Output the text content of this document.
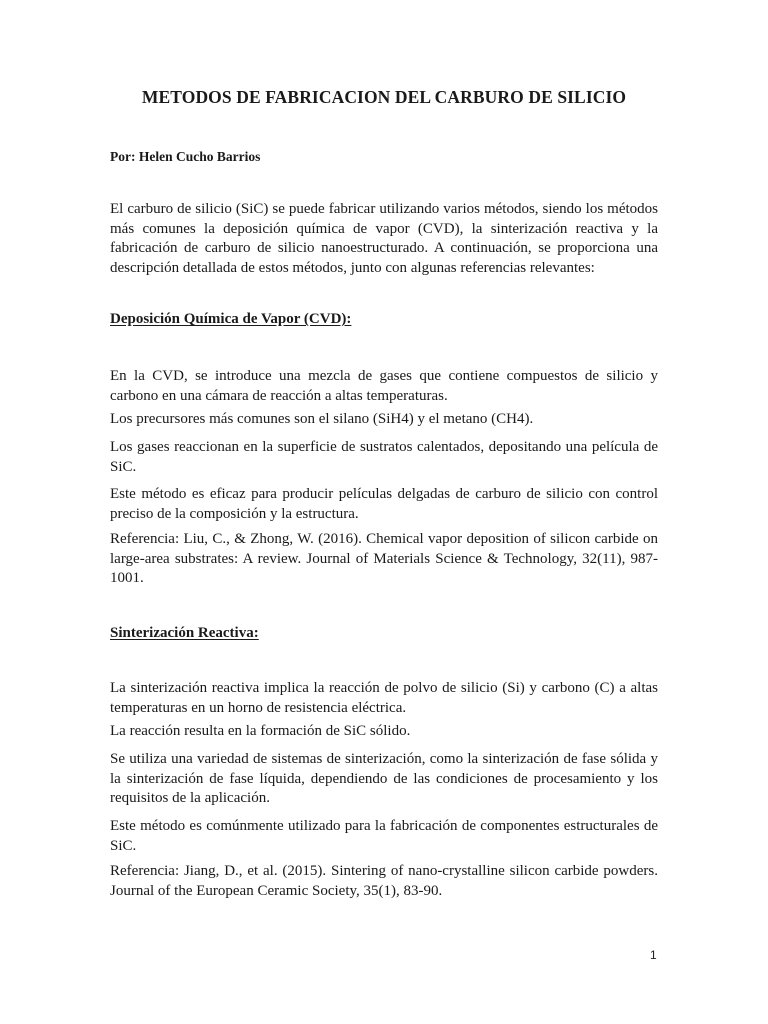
METODOS DE FABRICACION DEL CARBURO DE SILICIO
Por: Helen Cucho Barrios

El carburo de silicio (SiC) se puede fabricar utilizando varios métodos, siendo los métodos más comunes la deposición química de vapor (CVD), la sinterización reactiva y la fabricación de carburo de silicio nanoestructurado. A continuación, se proporciona una descripción detallada de estos métodos, junto con algunas referencias relevantes:

Deposición Química de Vapor (CVD):

En la CVD, se introduce una mezcla de gases que contiene compuestos de silicio y carbono en una cámara de reacción a altas temperaturas.

Los precursores más comunes son el silano (SiH4) y el metano (CH4).

Los gases reaccionan en la superficie de sustratos calentados, depositando una película de SiC.

Este método es eficaz para producir películas delgadas de carburo de silicio con control preciso de la composición y la estructura.

Referencia: Liu, C., & Zhong, W. (2016). Chemical vapor deposition of silicon carbide on large-area substrates: A review. Journal of Materials Science & Technology, 32(11), 987-1001.

Sinterización Reactiva:

La sinterización reactiva implica la reacción de polvo de silicio (Si) y carbono (C) a altas temperaturas en un horno de resistencia eléctrica.

La reacción resulta en la formación de SiC sólido.

Se utiliza una variedad de sistemas de sinterización, como la sinterización de fase sólida y la sinterización de fase líquida, dependiendo de las condiciones de procesamiento y los requisitos de la aplicación.

Este método es comúnmente utilizado para la fabricación de componentes estructurales de SiC.

Referencia: Jiang, D., et al. (2015). Sintering of nano-crystalline silicon carbide powders. Journal of the European Ceramic Society, 35(1), 83-90.

1
